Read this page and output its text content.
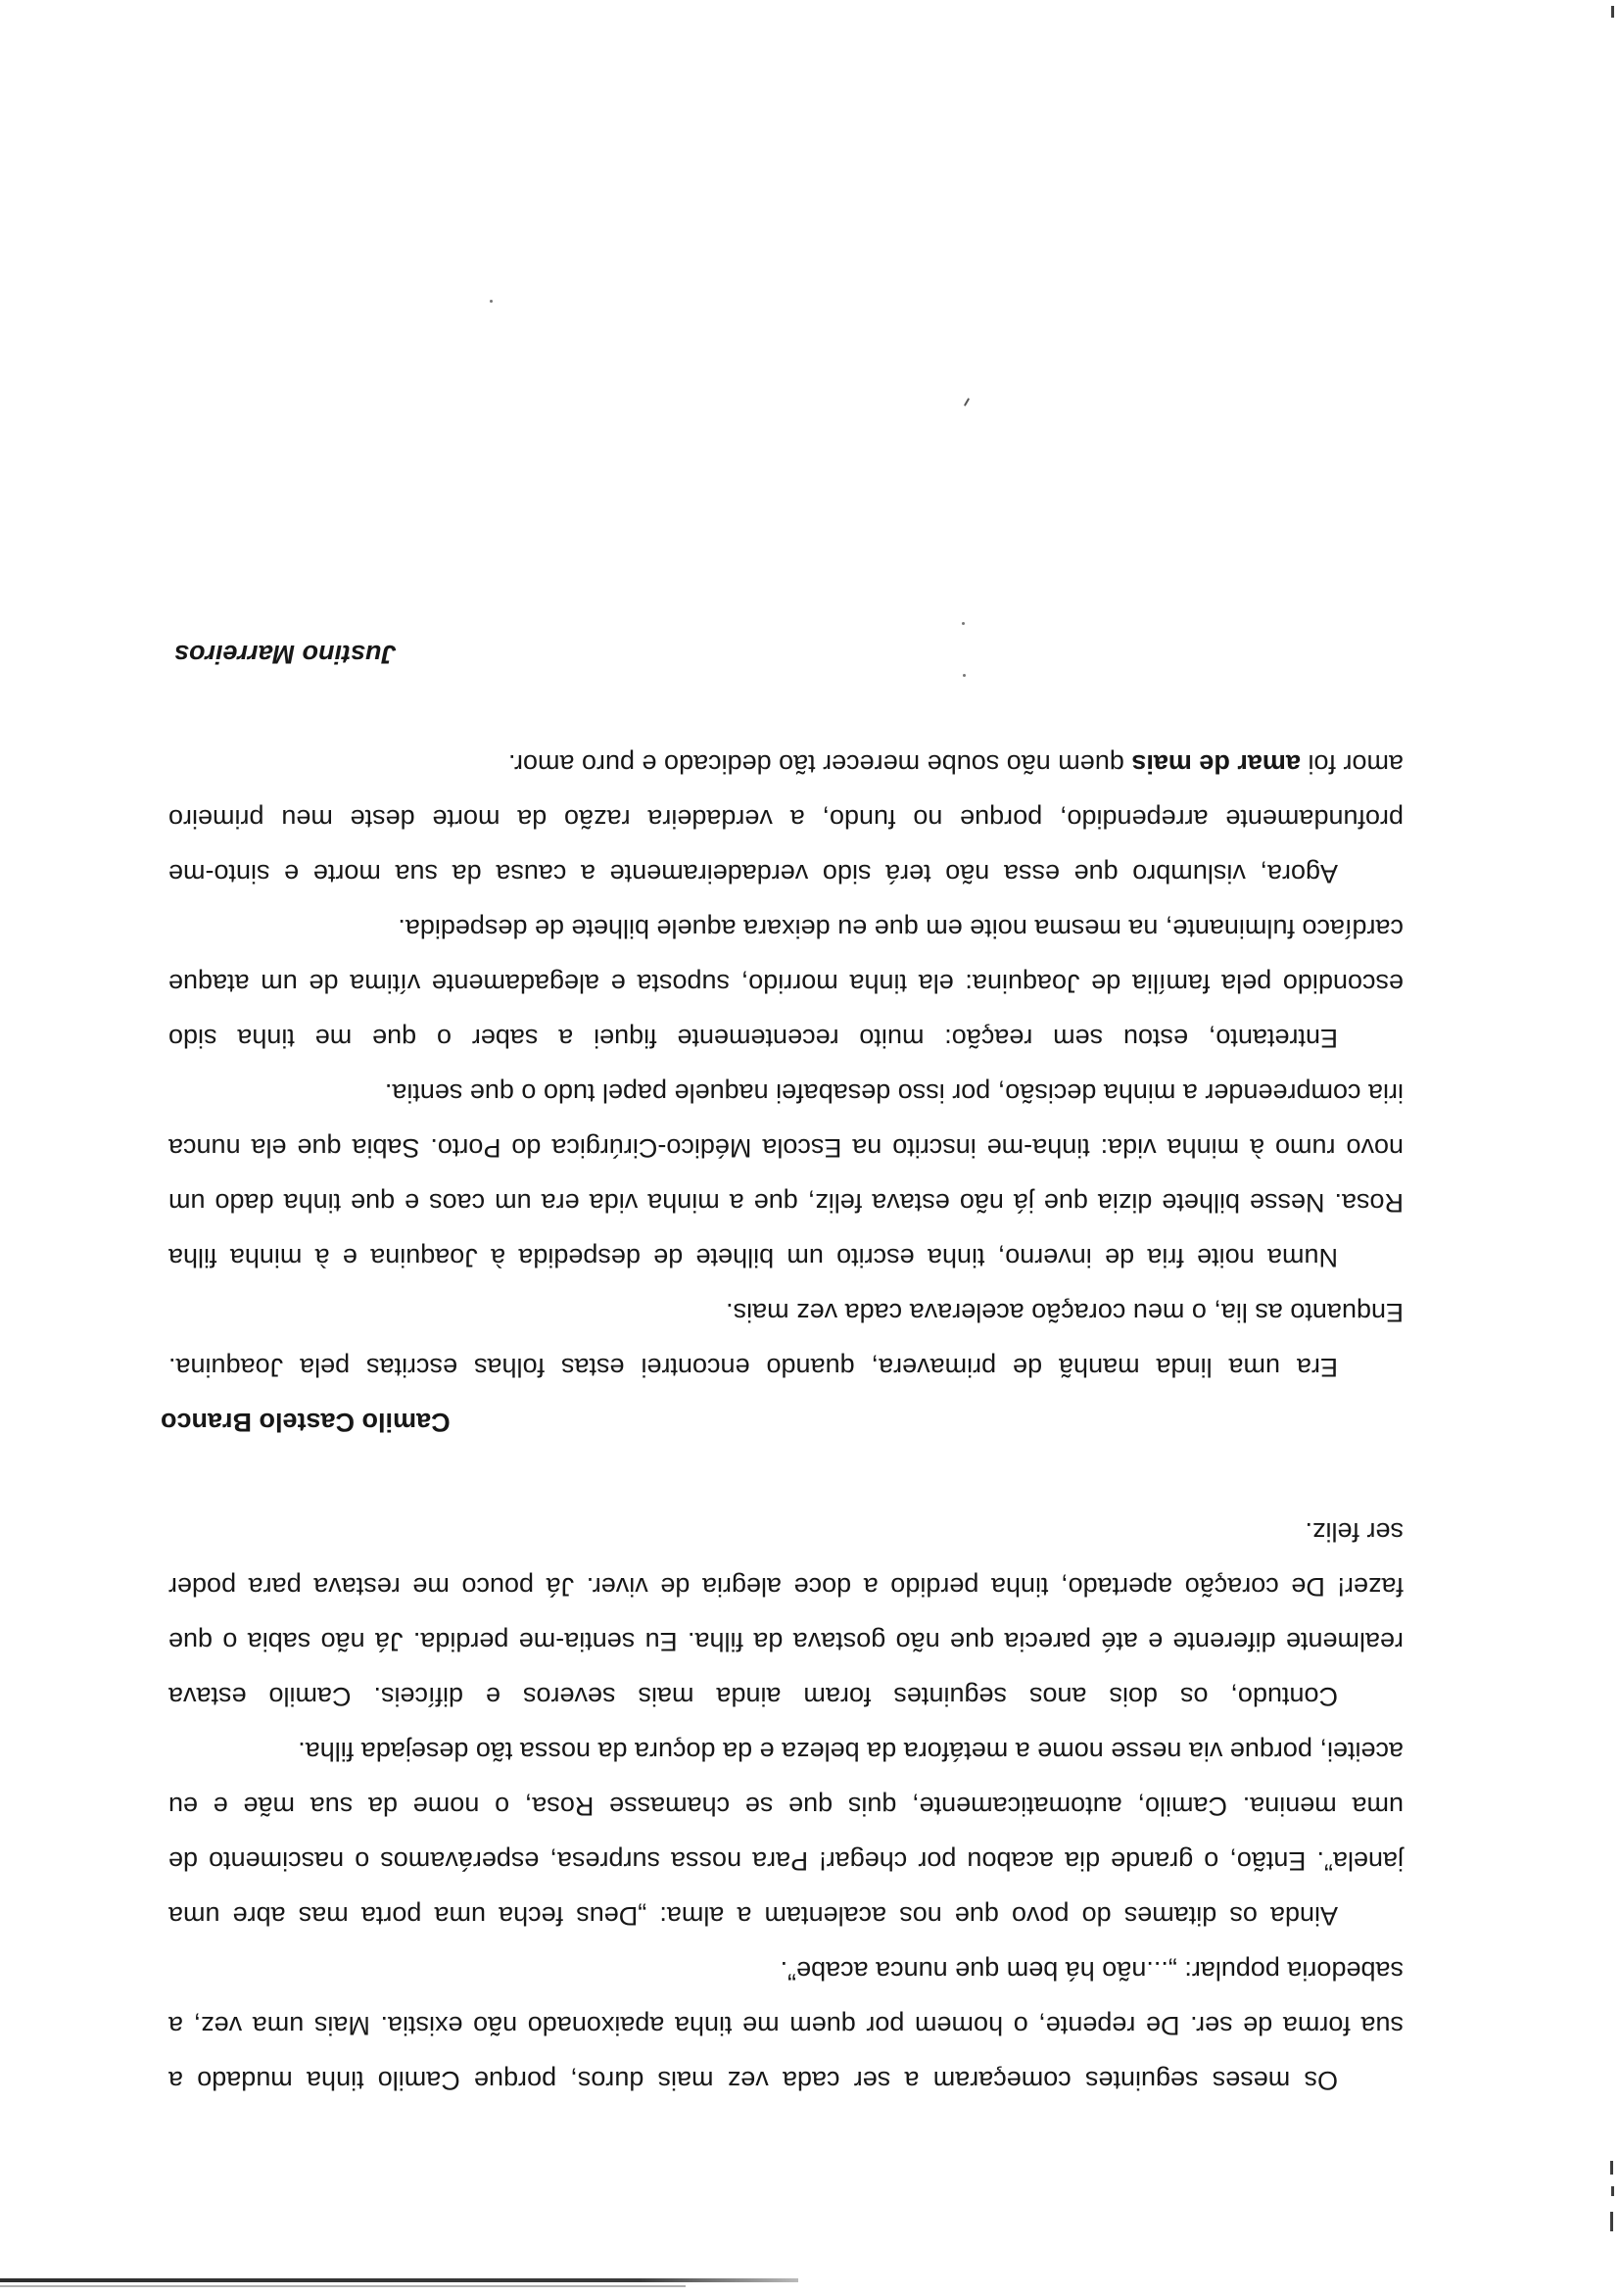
Os meses seguintes começaram a ser cada vez mais duros, porque Camilo tinha mudado a
sua forma de ser. De repente, o homem por quem me tinha apaixonado não existia. Mais uma vez, a
sabedoria popular: „...não há bem que nunca acabe”.
Ainda os ditames do povo que nos acalentam a alma: „Deus fecha uma porta mas abre uma
janela”. Então, o grande dia acabou por chegar! Para nossa surpresa, esperávamos o nascimento de
uma menina. Camilo, automaticamente, quis que se chamasse Rosa, o nome da sua mãe e eu
aceitei, porque via nesse nome a metáfora da beleza e da doçura da nossa tão desejada filha.
Contudo, os dois anos seguintes foram ainda mais severos e difíceis. Camilo estava
realmente diferente e até parecia que não gostava da filha. Eu sentia-me perdida. Já não sabia o que
fazer! De coração apertado, tinha perdido a doce alegria de viver. Já pouco me restava para poder
ser feliz.
Camilo Castelo Branco
Era uma linda manhã de primavera, quando encontrei estas folhas escritas pela Joaquina.
Enquanto as lia, o meu coração acelerava cada vez mais.
Numa noite fria de inverno, tinha escrito um bilhete de despedida à Joaquina e à minha filha
Rosa. Nesse bilhete dizia que já não estava feliz, que a minha vida era um caos e que tinha dado um
novo rumo à minha vida: tinha-me inscrito na Escola Médico-Cirúrgica do Porto. Sabia que ela nunca
iria compreender a minha decisão, por isso desabafei naquele papel tudo o que sentia.
Entretanto, estou sem reação: muito recentemente fiquei a saber o que me tinha sido
escondido pela família de Joaquina: ela tinha morrido, suposta e alegadamente vítima de um ataque
cardíaco fulminante, na mesma noite em que eu deixara aquele bilhete de despedida.
Agora, vislumbro que essa não terá sido verdadeiramente a causa da sua morte e sinto-me
profundamente arrependido, porque no fundo, a verdadeira razão da morte deste meu primeiro
amor foi amar de mais quem não soube merecer tão dedicado e puro amor.
Justino Marreiros
